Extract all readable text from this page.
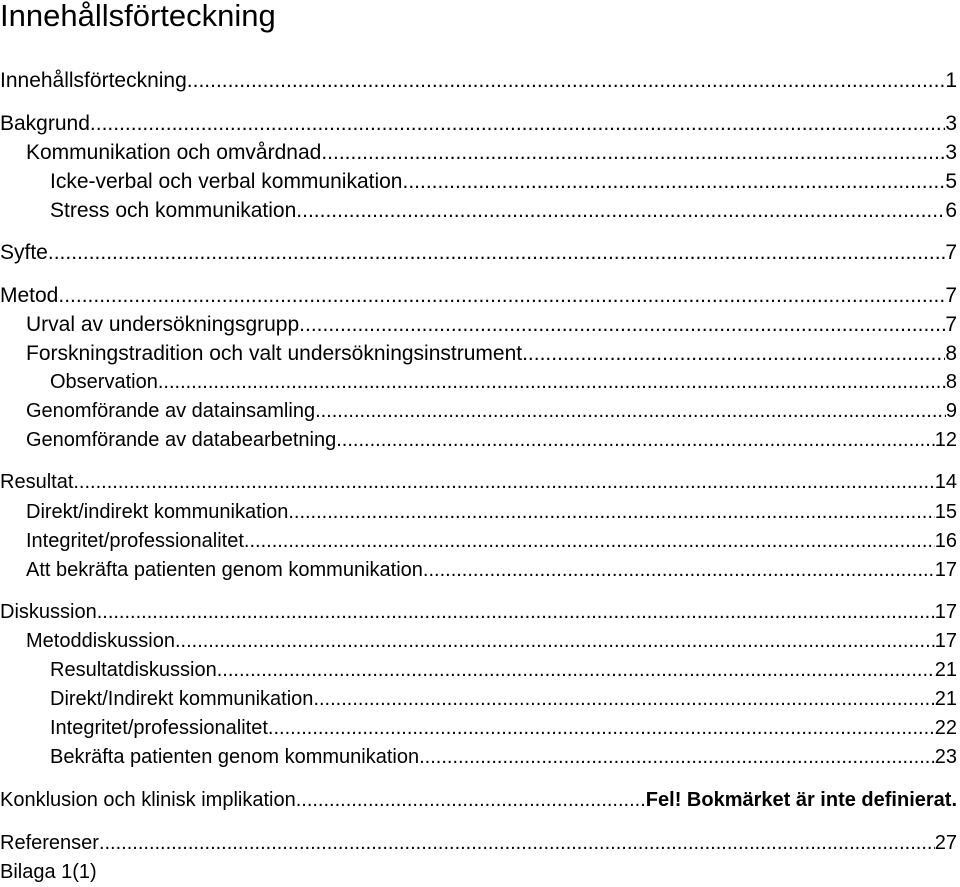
Innehållsförteckning
Innehållsförteckning .....	1
Bakgrund .....	3
Kommunikation och omvårdnad .....	3
Icke-verbal och verbal kommunikation .....	5
Stress och kommunikation .....	6
Syfte .....	7
Metod .....	7
Urval av undersökningsgrupp .....	7
Forskningstradition och valt undersökningsinstrument .....	8
Observation .....	8
Genomförande av datainsamling .....	9
Genomförande av databearbetning .....	12
Resultat .....	14
Direkt/indirekt kommunikation .....	15
Integritet/professionalitet .....	16
Att bekräfta patienten genom kommunikation .....	17
Diskussion .....	17
Metoddiskussion .....	17
Resultatdiskussion .....	21
Direkt/Indirekt kommunikation .....	21
Integritet/professionalitet .....	22
Bekräfta patienten genom kommunikation .....	23
Konklusion och klinisk implikation .....	Fel! Bokmärket är inte definierat.
Referenser .....	27
Bilaga 1(1)
